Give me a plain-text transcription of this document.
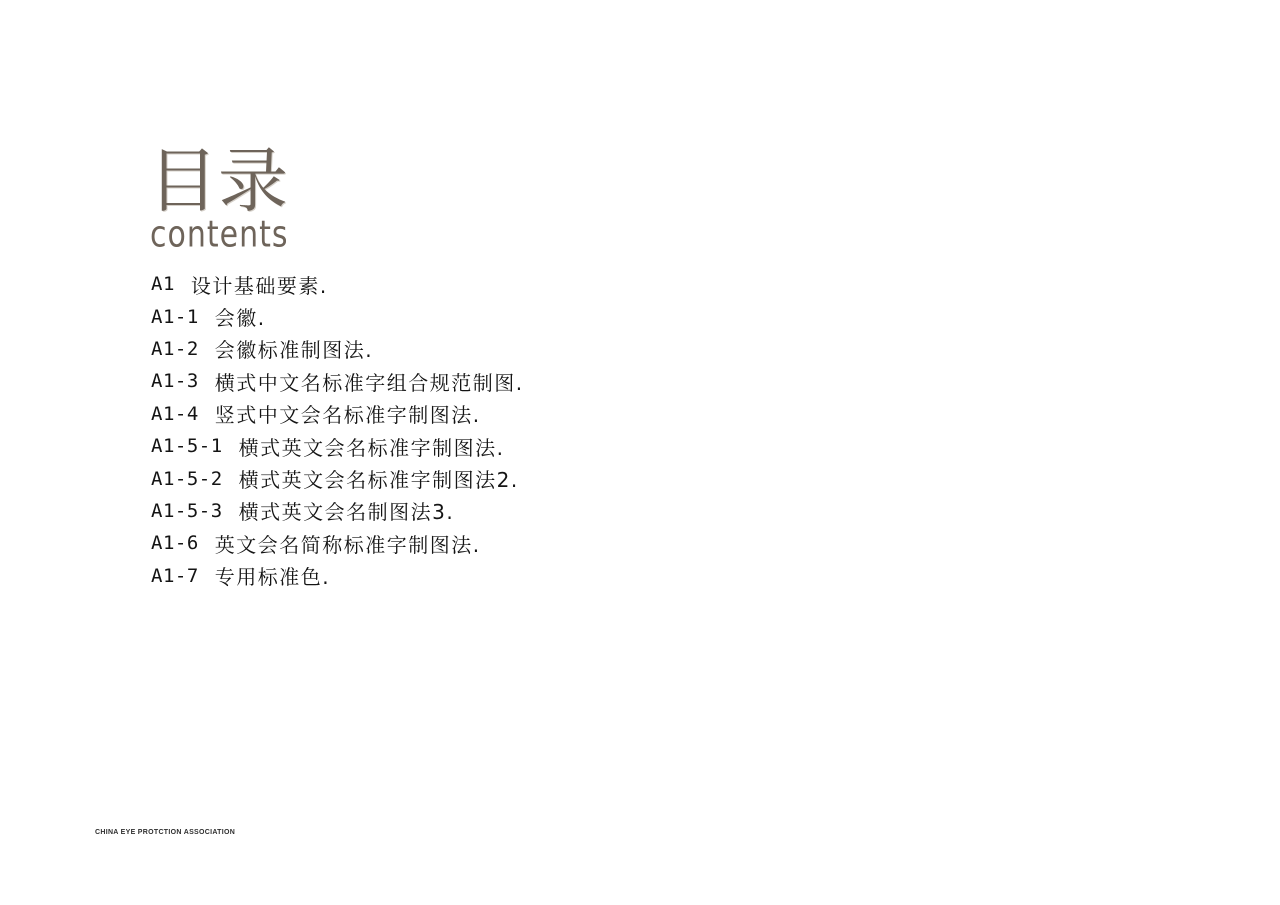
目录
contents
A1 设计基础要素.
A1-1 会徽.
A1-2 会徽标准制图法.
A1-3 横式中文名标准字组合规范制图.
A1-4 竖式中文会名标准字制图法.
A1-5-1 横式英文会名标准字制图法.
A1-5-2 横式英文会名标准字制图法2.
A1-5-3 横式英文会名制图法3.
A1-6 英文会名简称标准字制图法.
A1-7 专用标准色.
CHINA EYE PROTCTION ASSOCIATION
